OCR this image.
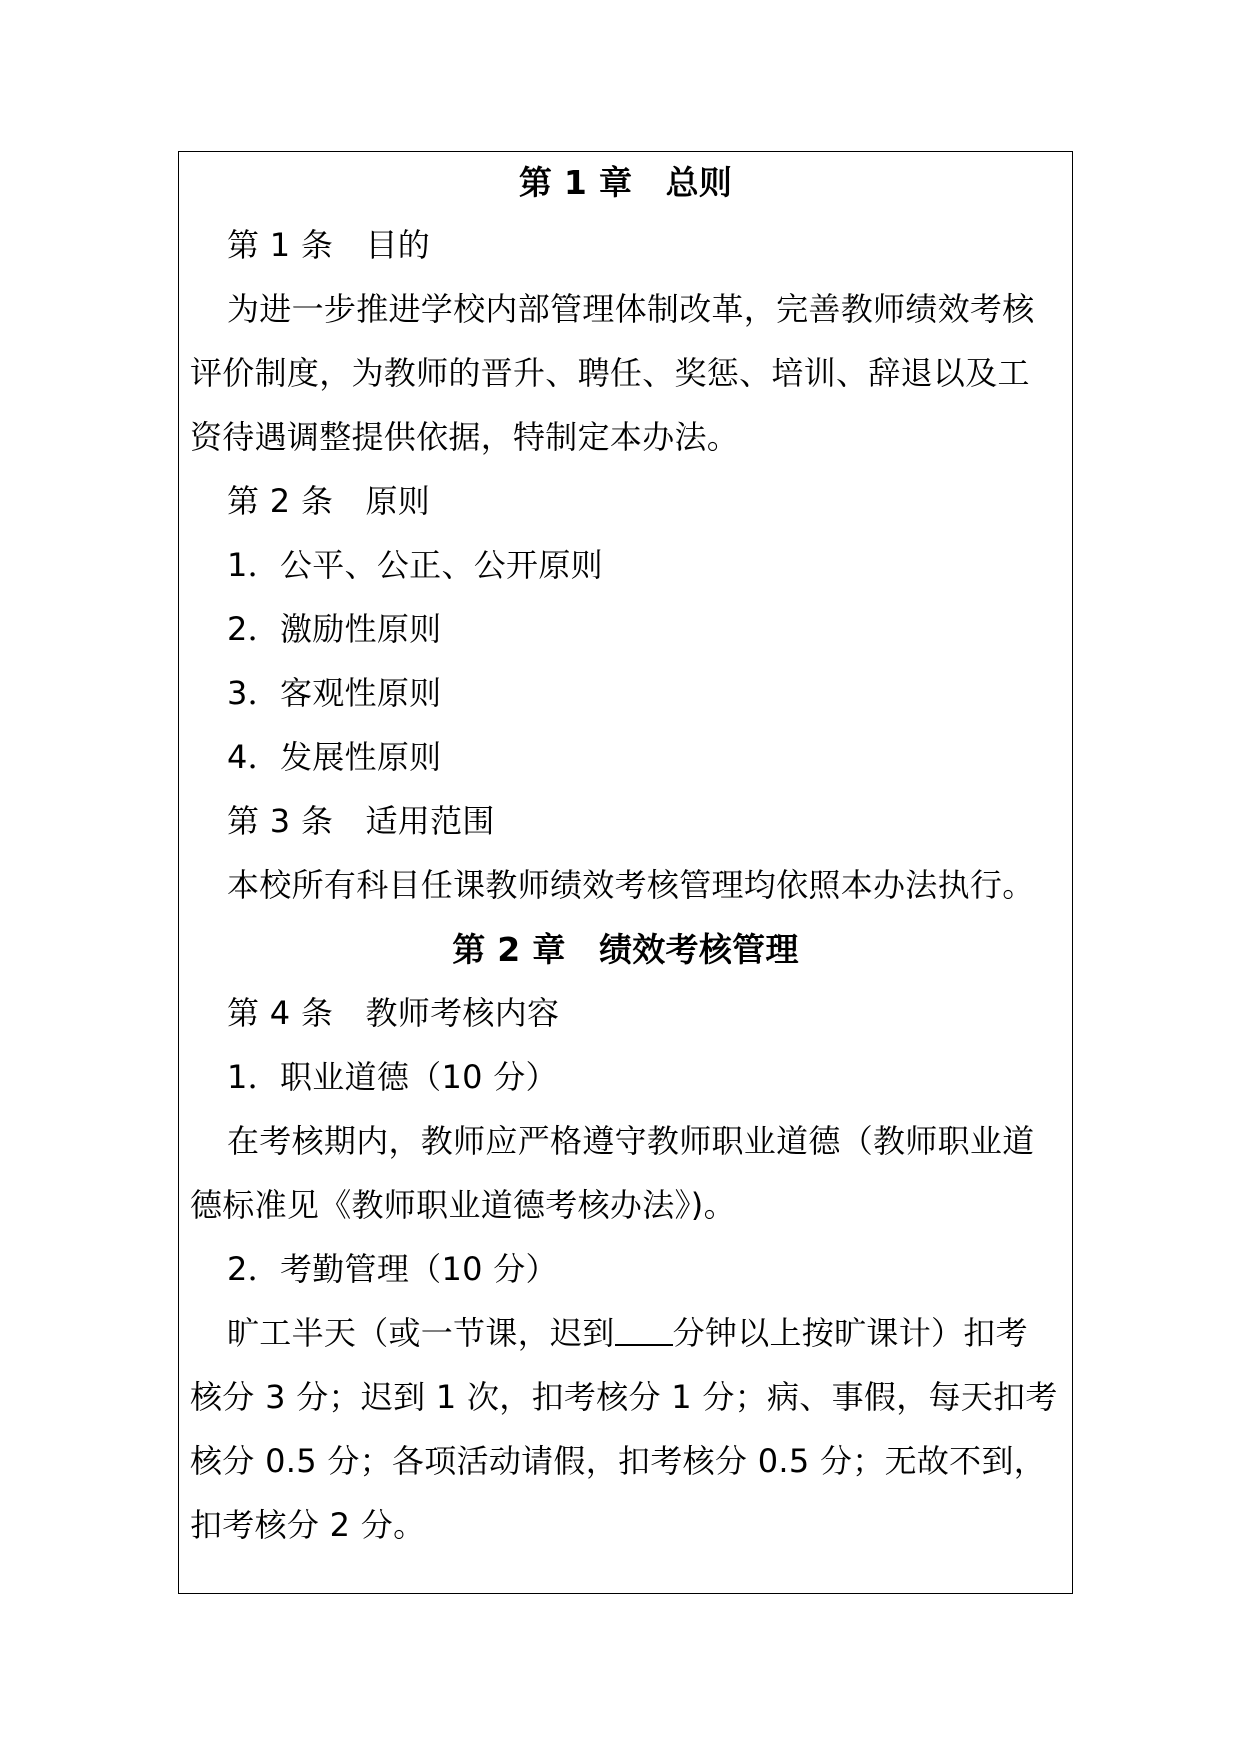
第 1 章　总则
第 1 条　目的
为进一步推进学校内部管理体制改革，完善教师绩效考核
评价制度，为教师的晋升、聘任、奖惩、培训、辞退以及工
资待遇调整提供依据，特制定本办法。
第 2 条　原则
1．公平、公正、公开原则
2．激励性原则
3．客观性原则
4．发展性原则
第 3 条　适用范围
本校所有科目任课教师绩效考核管理均依照本办法执行。
第 2 章　绩效考核管理
第 4 条　教师考核内容
1．职业道德（10 分）
在考核期内，教师应严格遵守教师职业道德（教师职业道
德标准见《教师职业道德考核办法》)。
2．考勤管理（10 分）
旷工半天（或一节课，迟到 分钟以上按旷课计）扣考
核分 3 分；迟到 1 次，扣考核分 1 分；病、事假，每天扣考
核分 0.5 分；各项活动请假，扣考核分 0.5 分；无故不到，
扣考核分 2 分。
